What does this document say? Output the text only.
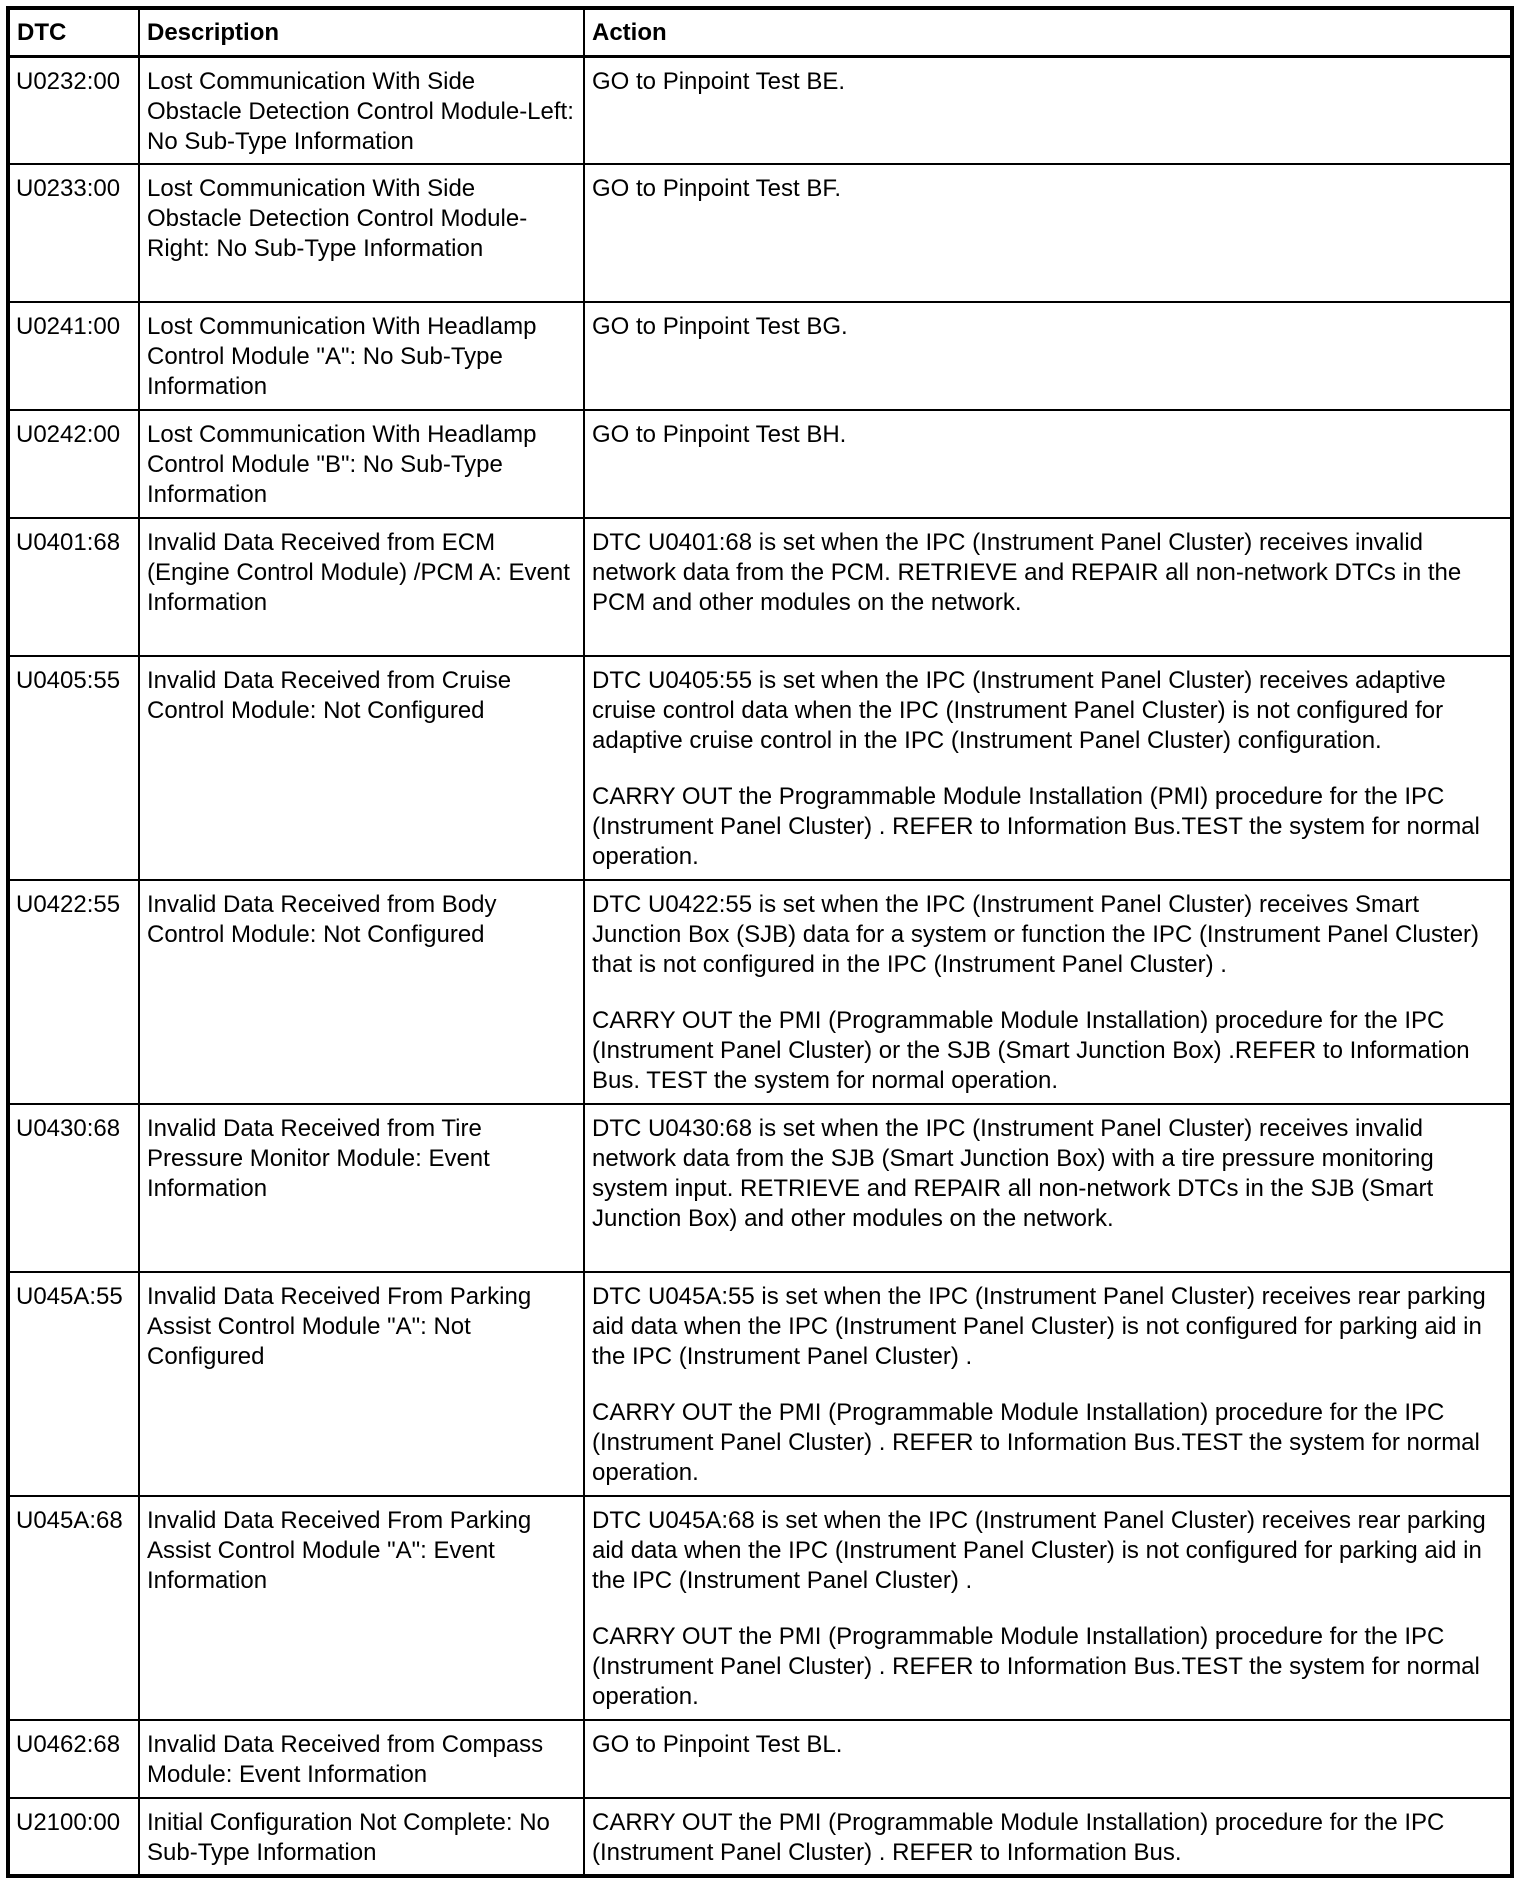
DTC	Description	Action
U0232:00	Lost Communication With Side Obstacle Detection Control Module-Left: No Sub-Type Information	GO to Pinpoint Test BE.

U0233:00	Lost Communication With Side Obstacle Detection Control Module-Right: No Sub-Type Information	GO to Pinpoint Test BF.

U0241:00	Lost Communication With Headlamp Control Module "A": No Sub-Type Information	GO to Pinpoint Test BG.

U0242:00	Lost Communication With Headlamp Control Module "B": No Sub-Type Information	GO to Pinpoint Test BH.

U0401:68	Invalid Data Received from ECM (Engine Control Module) /PCM A: Event Information	DTC U0401:68 is set when the IPC (Instrument Panel Cluster) receives invalid network data from the PCM. RETRIEVE and REPAIR all non-network DTCs in the PCM and other modules on the network.

U0405:55	Invalid Data Received from Cruise Control Module: Not Configured	DTC U0405:55 is set when the IPC (Instrument Panel Cluster) receives adaptive cruise control data when the IPC (Instrument Panel Cluster) is not configured for adaptive cruise control in the IPC (Instrument Panel Cluster) configuration.
CARRY OUT the Programmable Module Installation (PMI) procedure for the IPC (Instrument Panel Cluster) . REFER to Information Bus.TEST the system for normal operation.

U0422:55	Invalid Data Received from Body Control Module: Not Configured	DTC U0422:55 is set when the IPC (Instrument Panel Cluster) receives Smart Junction Box (SJB) data for a system or function the IPC (Instrument Panel Cluster) that is not configured in the IPC (Instrument Panel Cluster) .
CARRY OUT the PMI (Programmable Module Installation) procedure for the IPC (Instrument Panel Cluster) or the SJB (Smart Junction Box) .REFER to Information Bus. TEST the system for normal operation.

U0430:68	Invalid Data Received from Tire Pressure Monitor Module: Event Information	DTC U0430:68 is set when the IPC (Instrument Panel Cluster) receives invalid network data from the SJB (Smart Junction Box) with a tire pressure monitoring system input. RETRIEVE and REPAIR all non-network DTCs in the SJB (Smart Junction Box) and other modules on the network.

U045A:55	Invalid Data Received From Parking Assist Control Module "A": Not Configured	DTC U045A:55 is set when the IPC (Instrument Panel Cluster) receives rear parking aid data when the IPC (Instrument Panel Cluster) is not configured for parking aid in the IPC (Instrument Panel Cluster) .
CARRY OUT the PMI (Programmable Module Installation) procedure for the IPC (Instrument Panel Cluster) . REFER to Information Bus.TEST the system for normal operation.

U045A:68	Invalid Data Received From Parking Assist Control Module "A": Event Information	DTC U045A:68 is set when the IPC (Instrument Panel Cluster) receives rear parking aid data when the IPC (Instrument Panel Cluster) is not configured for parking aid in the IPC (Instrument Panel Cluster) .
CARRY OUT the PMI (Programmable Module Installation) procedure for the IPC (Instrument Panel Cluster) . REFER to Information Bus.TEST the system for normal operation.

U0462:68	Invalid Data Received from Compass Module: Event Information	GO to Pinpoint Test BL.

U2100:00	Initial Configuration Not Complete: No Sub-Type Information	CARRY OUT the PMI (Programmable Module Installation) procedure for the IPC (Instrument Panel Cluster) . REFER to Information Bus.
